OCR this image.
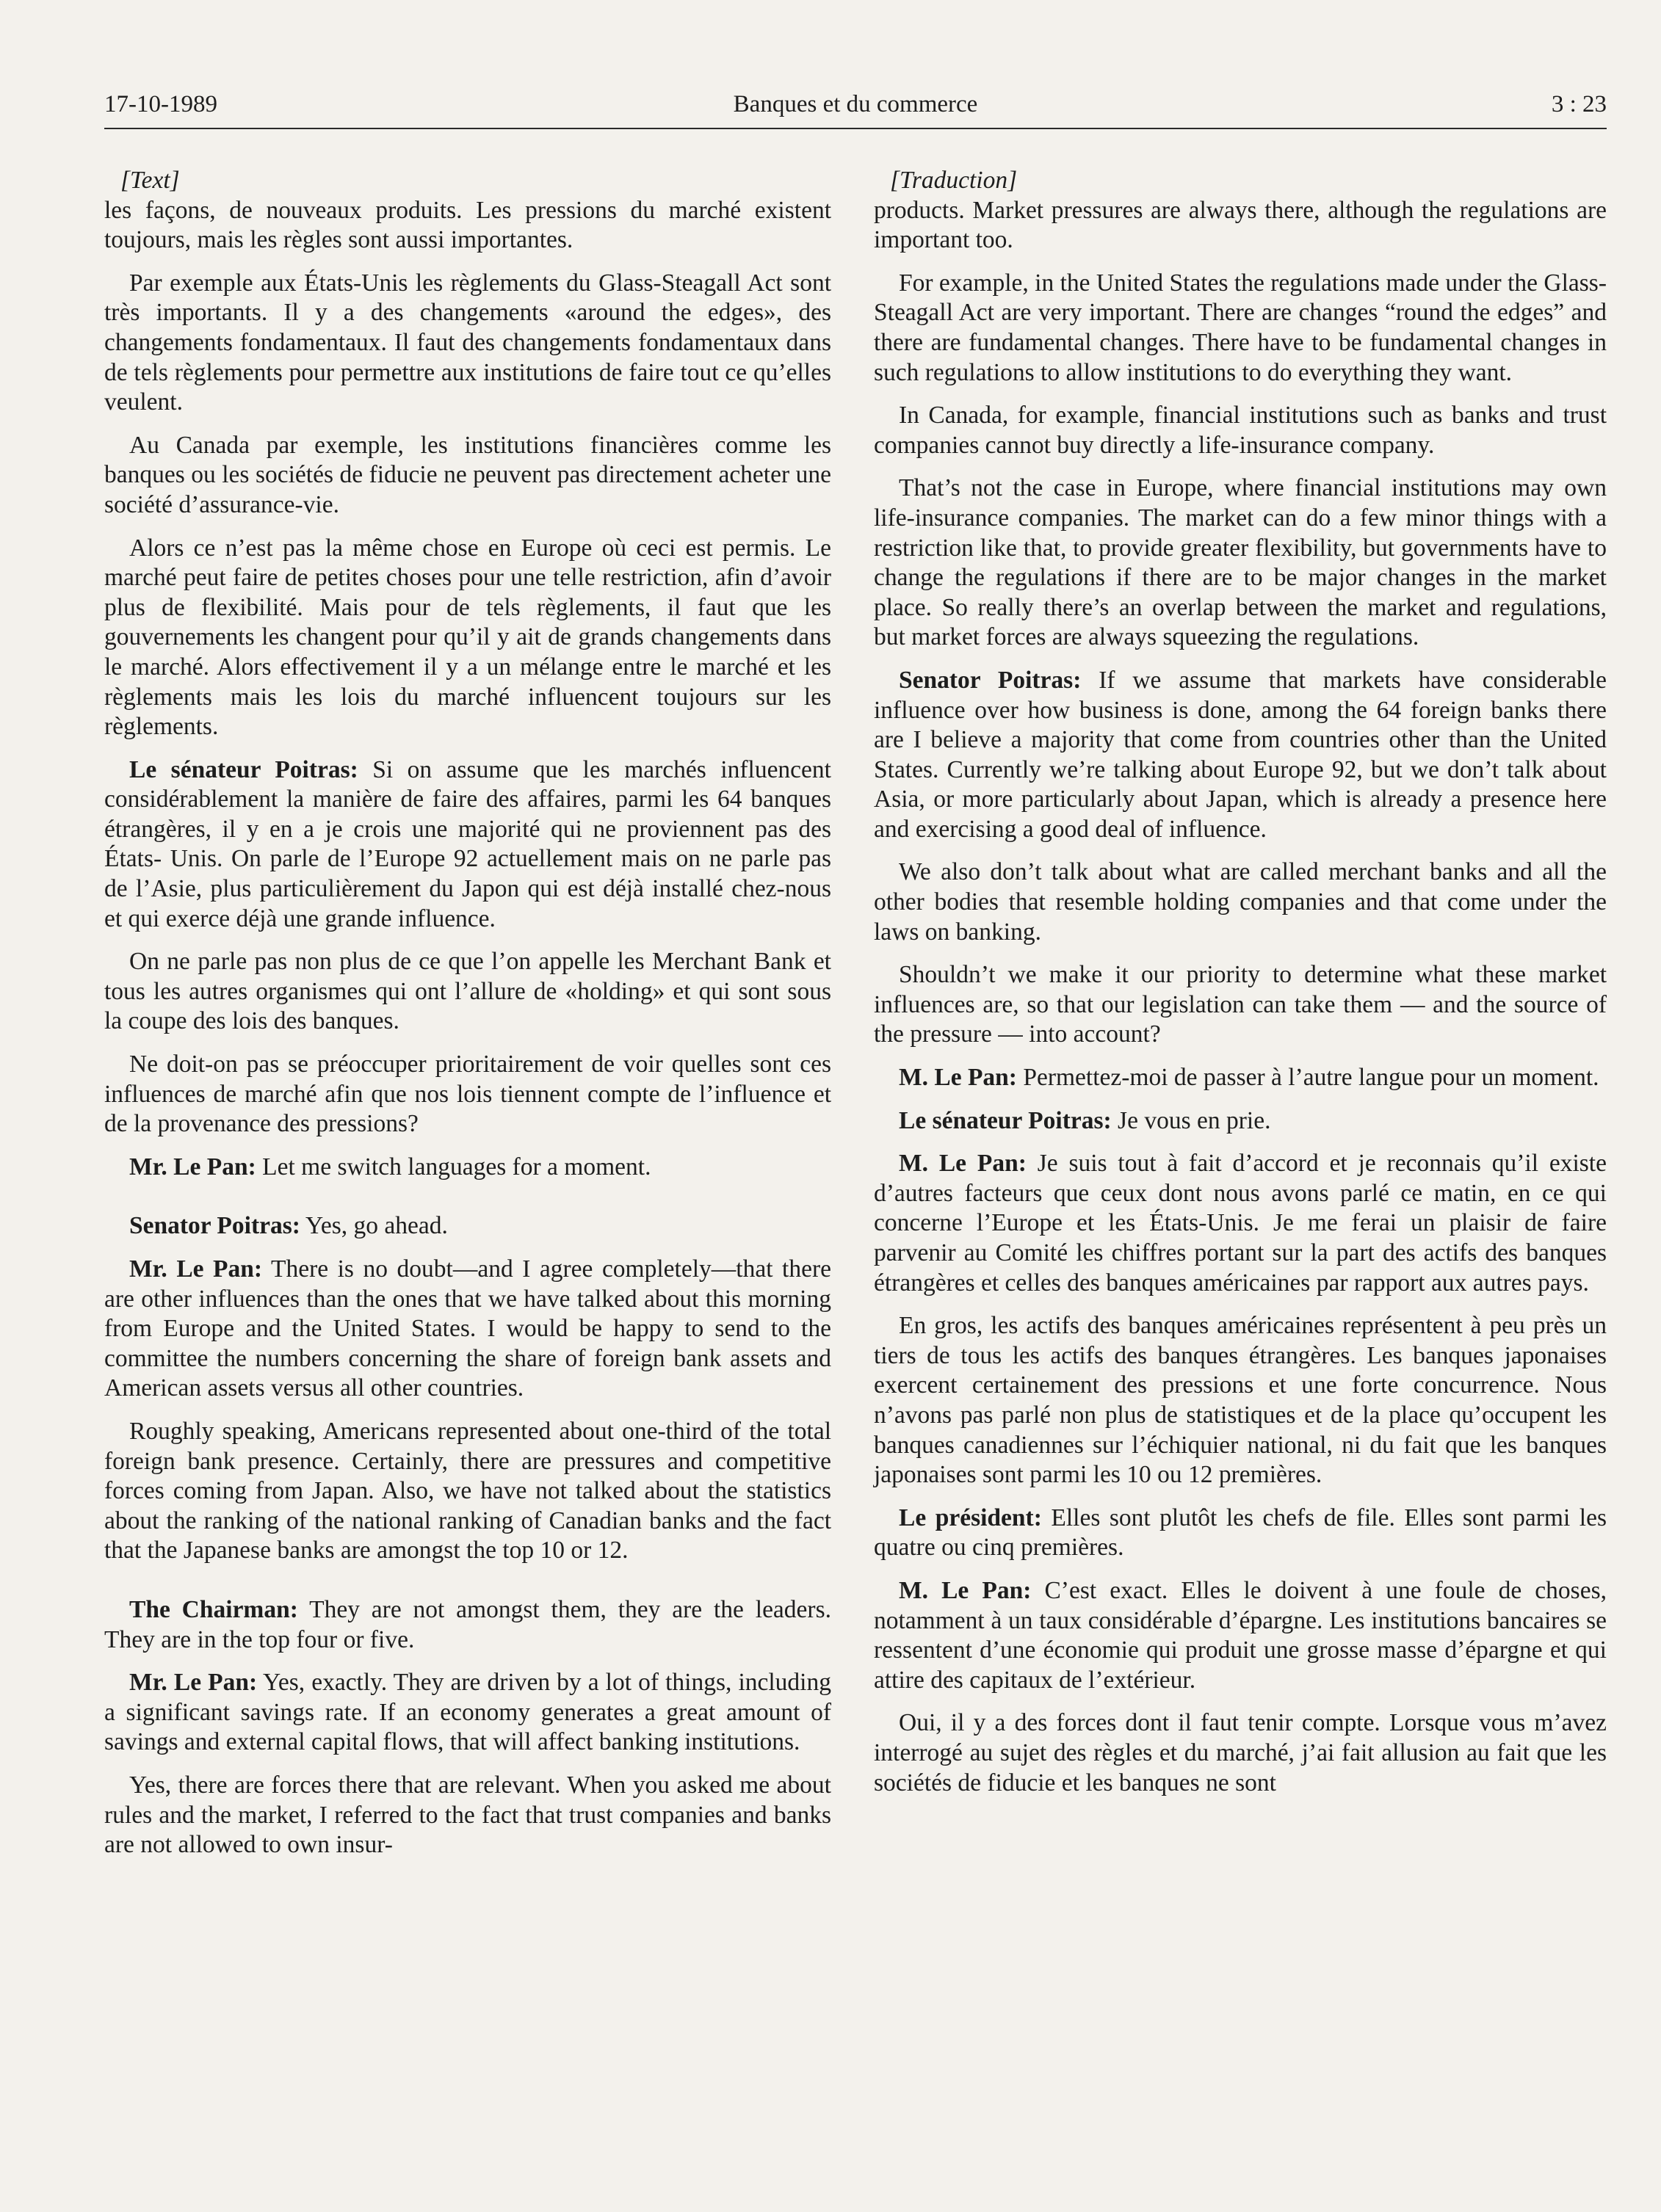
17-10-1989	Banques et du commerce	3 : 23
[Text]

les façons, de nouveaux produits. Les pressions du marché existent toujours, mais les règles sont aussi importantes.

Par exemple aux États-Unis les règlements du Glass-Steagall Act sont très importants. Il y a des changements «around the edges», des changements fondamentaux. Il faut des changements fondamentaux dans de tels règlements pour permettre aux institutions de faire tout ce qu’elles veulent.

Au Canada par exemple, les institutions financières comme les banques ou les sociétés de fiducie ne peuvent pas directement acheter une société d’assurance-vie.

Alors ce n’est pas la même chose en Europe où ceci est permis. Le marché peut faire de petites choses pour une telle restriction, afin d’avoir plus de flexibilité. Mais pour de tels règlements, il faut que les gouvernements les changent pour qu’il y ait de grands changements dans le marché. Alors effectivement il y a un mélange entre le marché et les règlements mais les lois du marché influencent toujours sur les règlements.

Le sénateur Poitras: Si on assume que les marchés influencent considérablement la manière de faire des affaires, parmi les 64 banques étrangères, il y en a je crois une majorité qui ne proviennent pas des États- Unis. On parle de l’Europe 92 actuellement mais on ne parle pas de l’Asie, plus particulièrement du Japon qui est déjà installé chez-nous et qui exerce déjà une grande influence.

On ne parle pas non plus de ce que l’on appelle les Merchant Bank et tous les autres organismes qui ont l’allure de «holding» et qui sont sous la coupe des lois des banques.

Ne doit-on pas se préoccuper prioritairement de voir quelles sont ces influences de marché afin que nos lois tiennent compte de l’influence et de la provenance des pressions?

Mr. Le Pan: Let me switch languages for a moment.

Senator Poitras: Yes, go ahead.

Mr. Le Pan: There is no doubt—and I agree completely—that there are other influences than the ones that we have talked about this morning from Europe and the United States. I would be happy to send to the committee the numbers concerning the share of foreign bank assets and American assets versus all other countries.

Roughly speaking, Americans represented about one-third of the total foreign bank presence. Certainly, there are pressures and competitive forces coming from Japan. Also, we have not talked about the statistics about the ranking of the national ranking of Canadian banks and the fact that the Japanese banks are amongst the top 10 or 12.

The Chairman: They are not amongst them, they are the leaders. They are in the top four or five.

Mr. Le Pan: Yes, exactly. They are driven by a lot of things, including a significant savings rate. If an economy generates a great amount of savings and external capital flows, that will affect banking institutions.

Yes, there are forces there that are relevant. When you asked me about rules and the market, I referred to the fact that trust companies and banks are not allowed to own insur-

[Traduction]

products. Market pressures are always there, although the regulations are important too.

For example, in the United States the regulations made under the Glass-Steagall Act are very important. There are changes “round the edges” and there are fundamental changes. There have to be fundamental changes in such regulations to allow institutions to do everything they want.

In Canada, for example, financial institutions such as banks and trust companies cannot buy directly a life-insurance company.

That’s not the case in Europe, where financial institutions may own life-insurance companies. The market can do a few minor things with a restriction like that, to provide greater flexibility, but governments have to change the regulations if there are to be major changes in the market place. So really there’s an overlap between the market and regulations, but market forces are always squeezing the regulations.

Senator Poitras: If we assume that markets have considerable influence over how business is done, among the 64 foreign banks there are I believe a majority that come from countries other than the United States. Currently we’re talking about Europe 92, but we don’t talk about Asia, or more particularly about Japan, which is already a presence here and exercising a good deal of influence.

We also don’t talk about what are called merchant banks and all the other bodies that resemble holding companies and that come under the laws on banking.

Shouldn’t we make it our priority to determine what these market influences are, so that our legislation can take them — and the source of the pressure — into account?

M. Le Pan: Permettez-moi de passer à l’autre langue pour un moment.

Le sénateur Poitras: Je vous en prie.

M. Le Pan: Je suis tout à fait d’accord et je reconnais qu’il existe d’autres facteurs que ceux dont nous avons parlé ce matin, en ce qui concerne l’Europe et les États-Unis. Je me ferai un plaisir de faire parvenir au Comité les chiffres portant sur la part des actifs des banques étrangères et celles des banques américaines par rapport aux autres pays.

En gros, les actifs des banques américaines représentent à peu près un tiers de tous les actifs des banques étrangères. Les banques japonaises exercent certainement des pressions et une forte concurrence. Nous n’avons pas parlé non plus de statistiques et de la place qu’occupent les banques canadiennes sur l’échiquier national, ni du fait que les banques japonaises sont parmi les 10 ou 12 premières.

Le président: Elles sont plutôt les chefs de file. Elles sont parmi les quatre ou cinq premières.

M. Le Pan: C’est exact. Elles le doivent à une foule de choses, notamment à un taux considérable d’épargne. Les institutions bancaires se ressentent d’une économie qui produit une grosse masse d’épargne et qui attire des capitaux de l’extérieur.

Oui, il y a des forces dont il faut tenir compte. Lorsque vous m’avez interrogé au sujet des règles et du marché, j’ai fait allusion au fait que les sociétés de fiducie et les banques ne sont
